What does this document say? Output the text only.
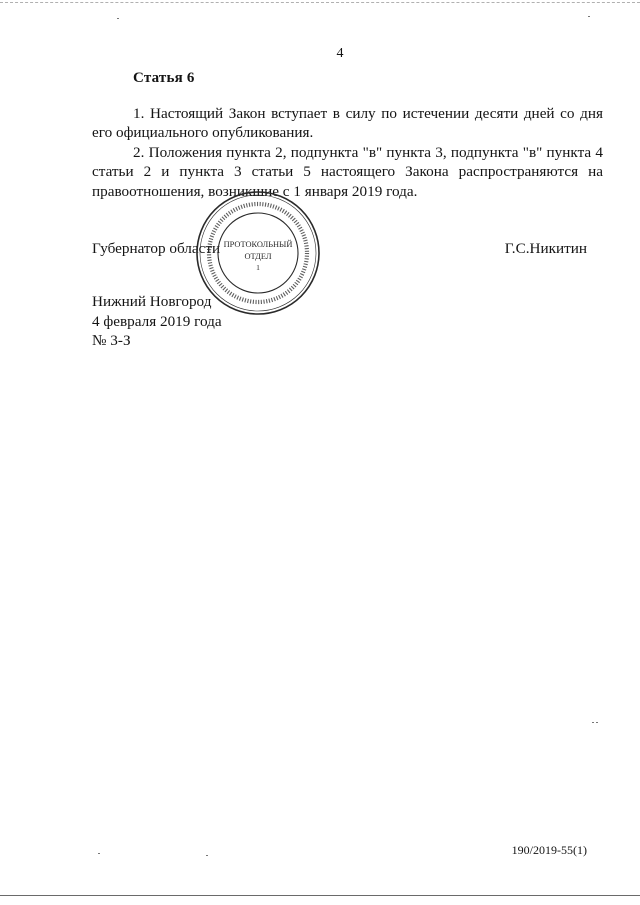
4
Статья 6

1. Настоящий Закон вступает в силу по истечении десяти дней со дня его официального опубликования.

2. Положения пункта 2, подпункта "в" пункта 3, подпункта "в" пункта 4 статьи 2 и пункта 3 статьи 5 настоящего Закона распространяются на правоотношения, возникшие с 1 января 2019 года.

Губернатор области	Г.С.Никитин
ПРОТОКОЛЬНЫЙ
ОТДЕЛ
1
Нижний Новгород
4 февраля 2019 года
№ 3-З
190/2019-55(1)
